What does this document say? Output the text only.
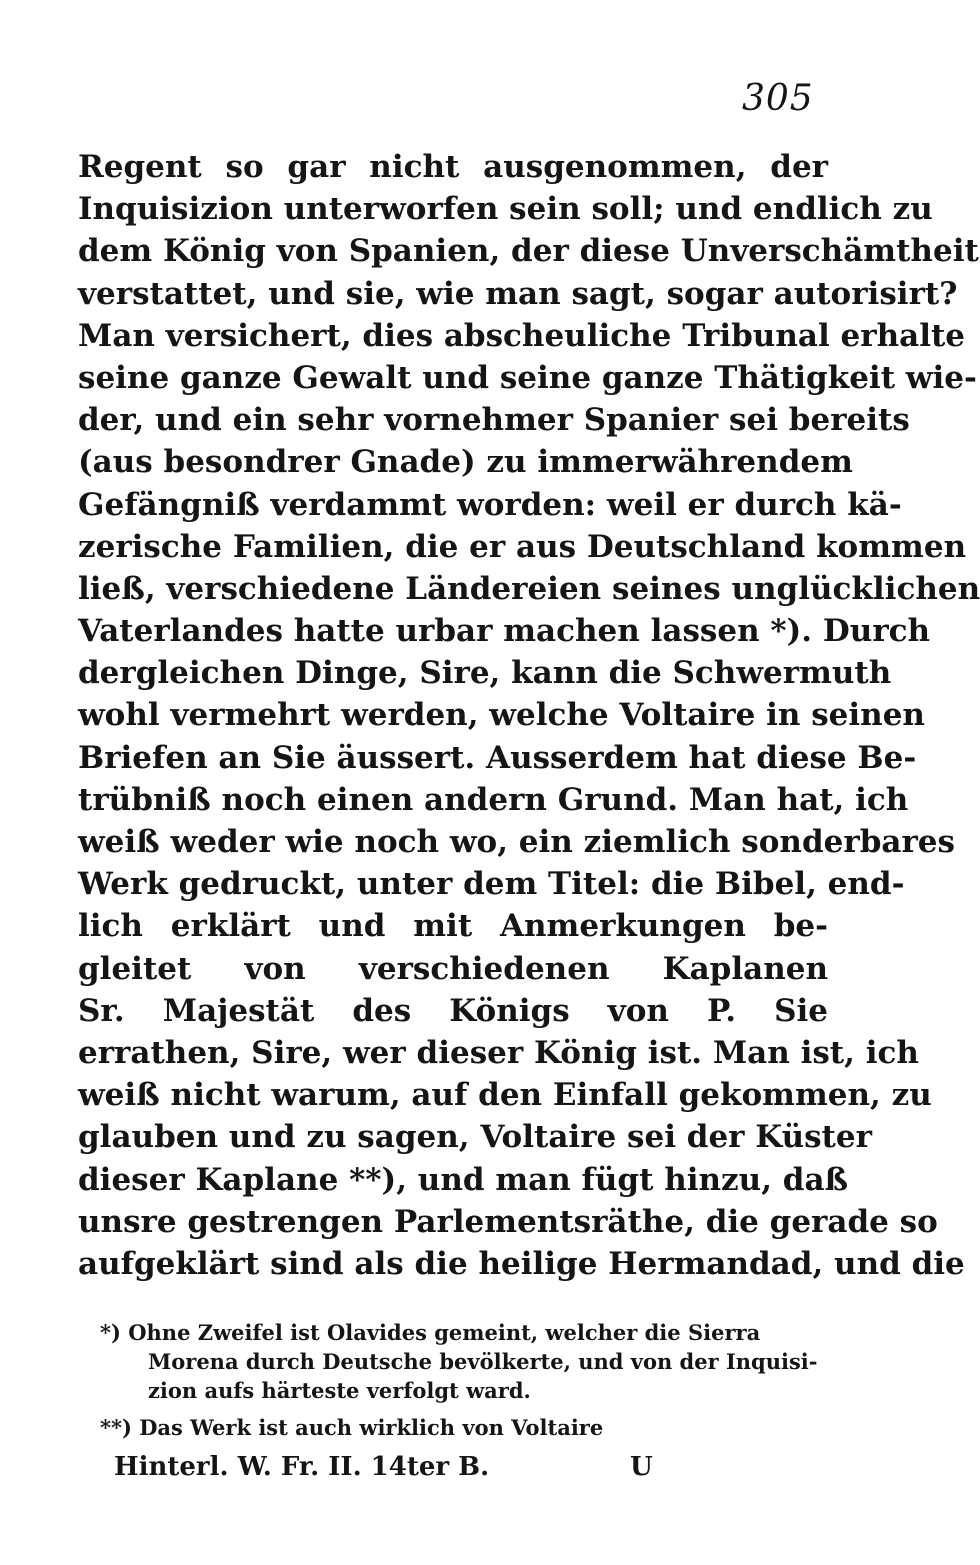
305
Regent so gar nicht ausgenommen, der
Inquisizion unterworfen sein soll; und endlich zu
dem König von Spanien, der diese Unverschämtheit
verstattet, und sie, wie man sagt, sogar autorisirt?
Man versichert, dies abscheuliche Tribunal erhalte
seine ganze Gewalt und seine ganze Thätigkeit wie-
der, und ein sehr vornehmer Spanier sei bereits
(aus besondrer Gnade) zu immerwährendem
Gefängniß verdammt worden: weil er durch kä-
zerische Familien, die er aus Deutschland kommen
ließ, verschiedene Ländereien seines unglücklichen
Vaterlandes hatte urbar machen lassen *). Durch
dergleichen Dinge, Sire, kann die Schwermuth
wohl vermehrt werden, welche Voltaire in seinen
Briefen an Sie äussert. Ausserdem hat diese Be-
trübniß noch einen andern Grund. Man hat, ich
weiß weder wie noch wo, ein ziemlich sonderbares
Werk gedruckt, unter dem Titel: die Bibel, end-
lich erklärt und mit Anmerkungen be-
gleitet von verschiedenen Kaplanen
Sr. Majestät des Königs von P. Sie
errathen, Sire, wer dieser König ist. Man ist, ich
weiß nicht warum, auf den Einfall gekommen, zu
glauben und zu sagen, Voltaire sei der Küster
dieser Kaplane **), und man fügt hinzu, daß
unsre gestrengen Parlementsräthe, die gerade so
aufgeklärt sind als die heilige Hermandad, und die
*) Ohne Zweifel ist Olavides gemeint, welcher die Sierra
Morena durch Deutsche bevölkerte, und von der Inquisi-
zion aufs härteste verfolgt ward.
**) Das Werk ist auch wirklich von Voltaire
Hinterl. W. Fr. II. 14ter B.	U
